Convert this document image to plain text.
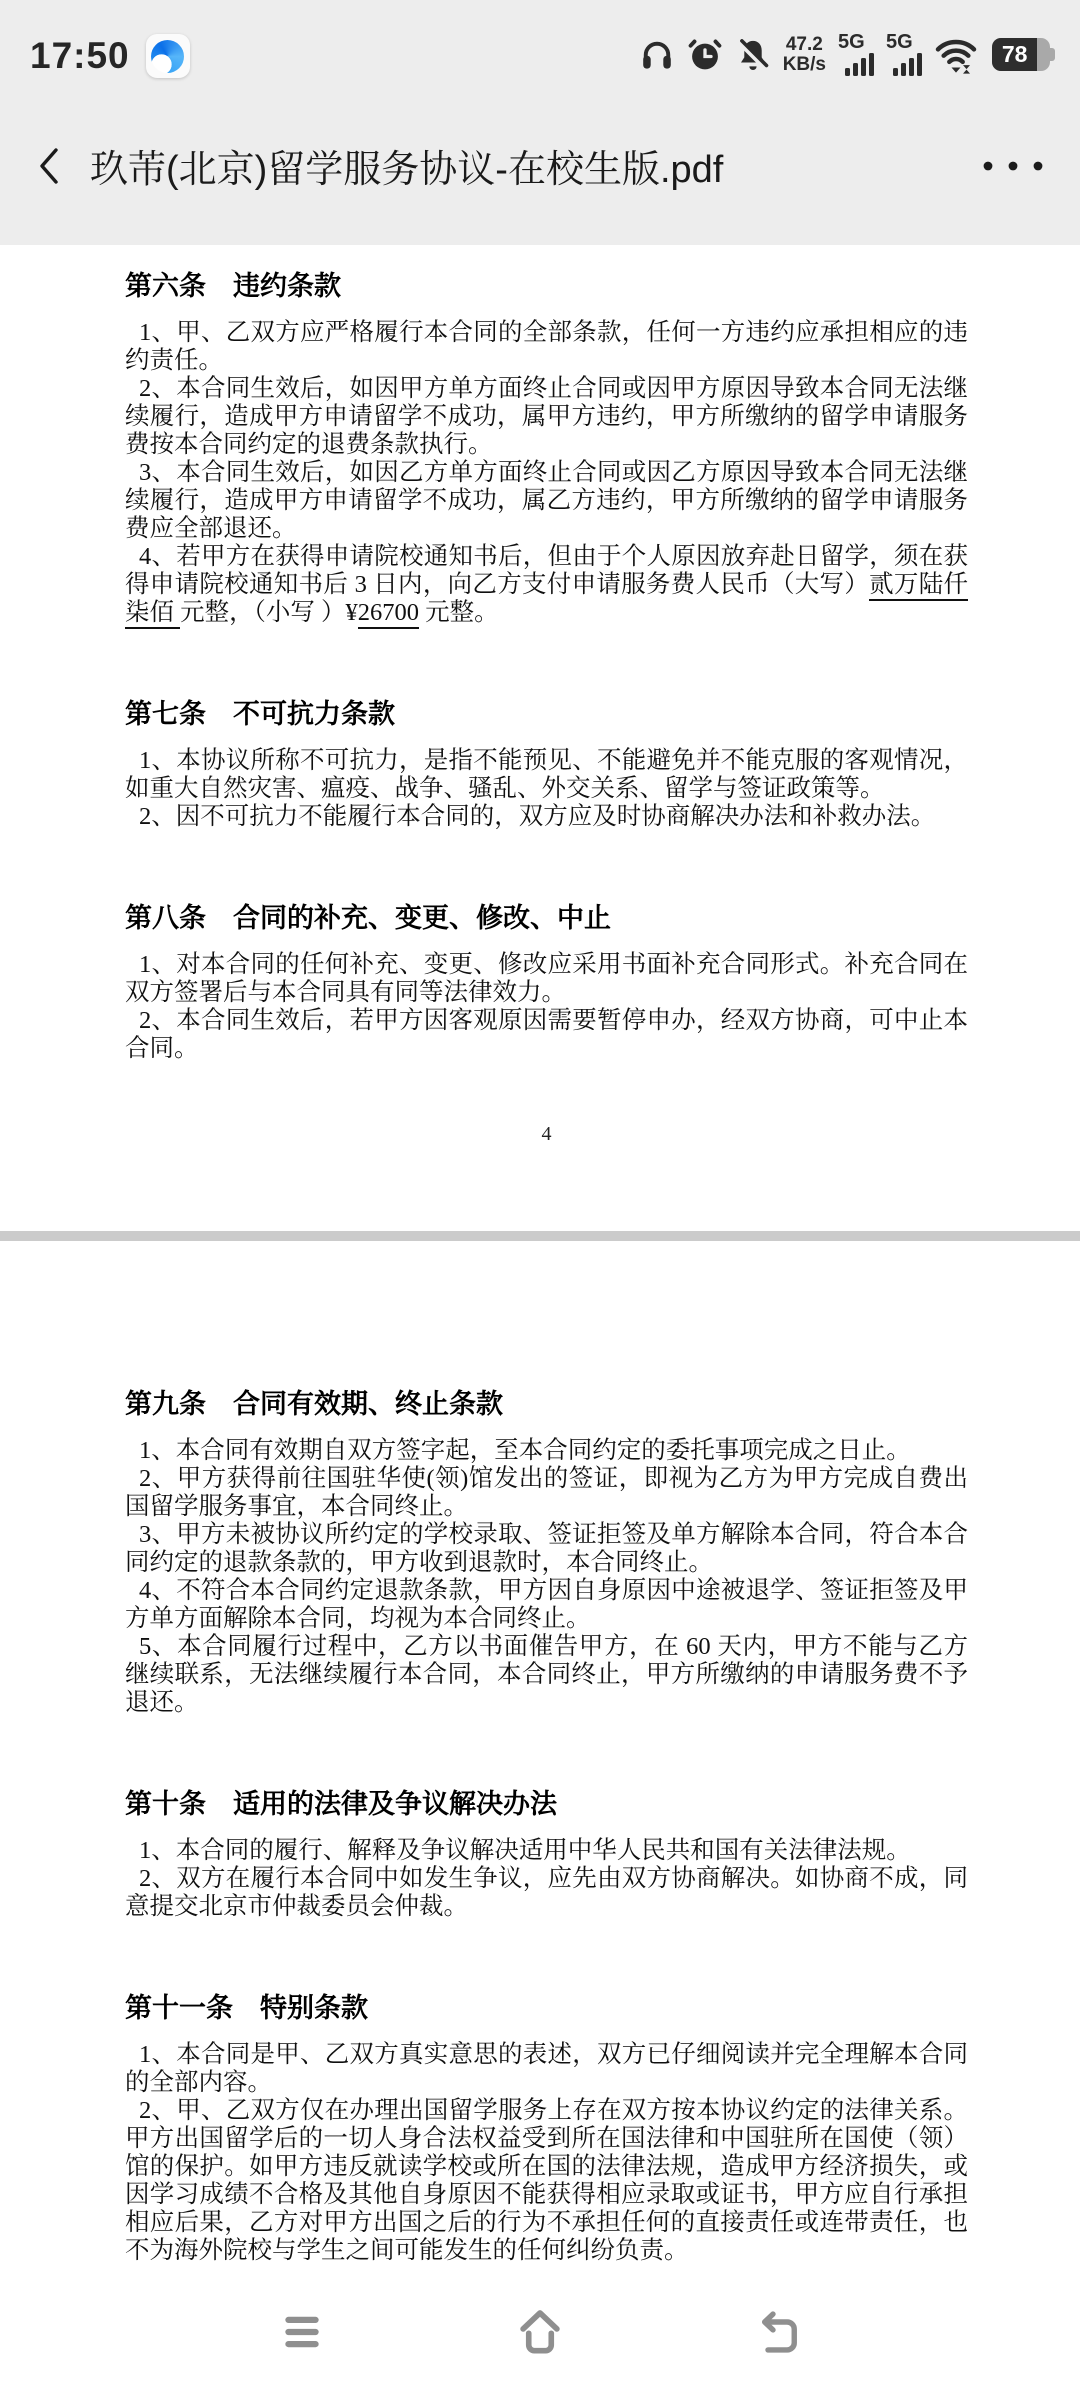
17:50	47.2
KB/s
5G 5G	78
玖芾(北京)留学服务协议-在校生版.pdf
第六条　违约条款

1、甲、乙双方应严格履行本合同的全部条款，任何一方违约应承担相应的违约责任。

2、本合同生效后，如因甲方单方面终止合同或因甲方原因导致本合同无法继续履行，造成甲方申请留学不成功，属甲方违约，甲方所缴纳的留学申请服务费按本合同约定的退费条款执行。

3、本合同生效后，如因乙方单方面终止合同或因乙方原因导致本合同无法继续履行，造成甲方申请留学不成功，属乙方违约，甲方所缴纳的留学申请服务费应全部退还。

4、若甲方在获得申请院校通知书后，但由于个人原因放弃赴日留学，须在获得申请院校通知书后 3 日内，向乙方支付申请服务费人民币（大写）贰万陆仟柒佰 元整，（小写 ）¥26700 元整。

第七条　不可抗力条款

1、本协议所称不可抗力，是指不能预见、不能避免并不能克服的客观情况，如重大自然灾害、瘟疫、战争、骚乱、外交关系、留学与签证政策等。

2、因不可抗力不能履行本合同的，双方应及时协商解决办法和补救办法。

第八条　合同的补充、变更、修改、中止

1、对本合同的任何补充、变更、修改应采用书面补充合同形式。补充合同在双方签署后与本合同具有同等法律效力。

2、本合同生效后，若甲方因客观原因需要暂停申办，经双方协商，可中止本合同。

4
第九条　合同有效期、终止条款

1、本合同有效期自双方签字起，至本合同约定的委托事项完成之日止。

2、甲方获得前往国驻华使(领)馆发出的签证，即视为乙方为甲方完成自费出国留学服务事宜，本合同终止。

3、甲方未被协议所约定的学校录取、签证拒签及单方解除本合同，符合本合同约定的退款条款的，甲方收到退款时，本合同终止。

4、不符合本合同约定退款条款，甲方因自身原因中途被退学、签证拒签及甲方单方面解除本合同，均视为本合同终止。

5、本合同履行过程中，乙方以书面催告甲方，在 60 天内，甲方不能与乙方继续联系，无法继续履行本合同，本合同终止，甲方所缴纳的申请服务费不予退还。

第十条　适用的法律及争议解决办法

1、本合同的履行、解释及争议解决适用中华人民共和国有关法律法规。

2、双方在履行本合同中如发生争议，应先由双方协商解决。如协商不成，同意提交北京市仲裁委员会仲裁。

第十一条　特别条款

1、本合同是甲、乙双方真实意思的表述，双方已仔细阅读并完全理解本合同的全部内容。

2、甲、乙双方仅在办理出国留学服务上存在双方按本协议约定的法律关系。甲方出国留学后的一切人身合法权益受到所在国法律和中国驻所在国使（领）馆的保护。如甲方违反就读学校或所在国的法律法规，造成甲方经济损失，或因学习成绩不合格及其他自身原因不能获得相应录取或证书，甲方应自行承担相应后果，乙方对甲方出国之后的行为不承担任何的直接责任或连带责任，也不为海外院校与学生之间可能发生的任何纠纷负责。
